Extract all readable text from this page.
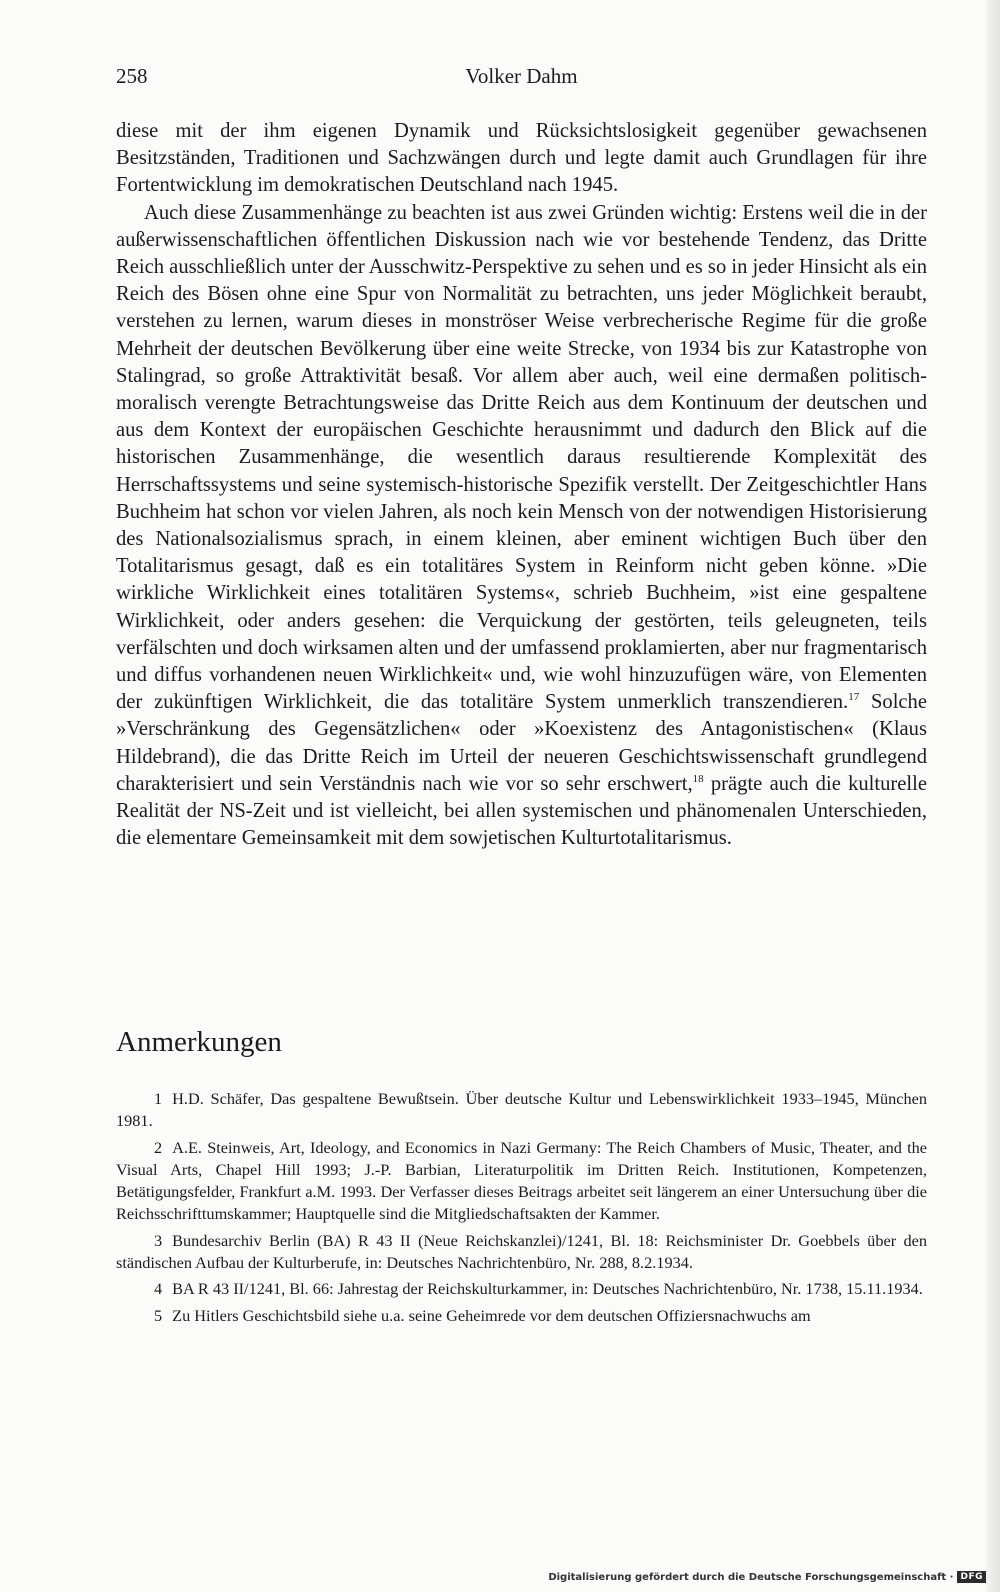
258	Volker Dahm

diese mit der ihm eigenen Dynamik und Rücksichtslosigkeit gegenüber gewachsenen Besitzständen, Traditionen und Sachzwängen durch und legte damit auch Grundlagen für ihre Fortentwicklung im demokratischen Deutschland nach 1945.

Auch diese Zusammenhänge zu beachten ist aus zwei Gründen wichtig: Erstens weil die in der außerwissenschaftlichen öffentlichen Diskussion nach wie vor bestehende Tendenz, das Dritte Reich ausschließlich unter der Ausschwitz-Perspektive zu sehen und es so in jeder Hinsicht als ein Reich des Bösen ohne eine Spur von Normalität zu betrachten, uns jeder Möglichkeit beraubt, verstehen zu lernen, warum dieses in monströser Weise verbrecherische Regime für die große Mehrheit der deutschen Bevölkerung über eine weite Strecke, von 1934 bis zur Katastrophe von Stalingrad, so große Attraktivität besaß. Vor allem aber auch, weil eine dermaßen politisch-moralisch verengte Betrachtungsweise das Dritte Reich aus dem Kontinuum der deutschen und aus dem Kontext der europäischen Geschichte herausnimmt und dadurch den Blick auf die historischen Zusammenhänge, die wesentlich daraus resultierende Komplexität des Herrschaftssystems und seine systemisch-historische Spezifik verstellt. Der Zeitgeschichtler Hans Buchheim hat schon vor vielen Jahren, als noch kein Mensch von der notwendigen Historisierung des Nationalsozialismus sprach, in einem kleinen, aber eminent wichtigen Buch über den Totalitarismus gesagt, daß es ein totalitäres System in Reinform nicht geben könne. »Die wirkliche Wirklichkeit eines totalitären Systems«, schrieb Buchheim, »ist eine gespaltene Wirklichkeit, oder anders gesehen: die Verquickung der gestörten, teils geleugneten, teils verfälschten und doch wirksamen alten und der umfassend proklamierten, aber nur fragmentarisch und diffus vorhandenen neuen Wirklichkeit« und, wie wohl hinzuzufügen wäre, von Elementen der zukünftigen Wirklichkeit, die das totalitäre System unmerklich transzendieren.$^{17}$ Solche »Verschränkung des Gegensätzlichen« oder »Koexistenz des Antagonistischen« (Klaus Hildebrand), die das Dritte Reich im Urteil der neueren Geschichtswissenschaft grundlegend charakterisiert und sein Verständnis nach wie vor so sehr erschwert,$^{18}$ prägte auch die kulturelle Realität der NS-Zeit und ist vielleicht, bei allen systemischen und phänomenalen Unterschieden, die elementare Gemeinsamkeit mit dem sowjetischen Kulturtotalitarismus.

Anmerkungen

1 H.D. Schäfer, Das gespaltene Bewußtsein. Über deutsche Kultur und Lebenswirklichkeit 1933–1945, München 1981.

2 A.E. Steinweis, Art, Ideology, and Economics in Nazi Germany: The Reich Chambers of Music, Theater, and the Visual Arts, Chapel Hill 1993; J.-P. Barbian, Literaturpolitik im Dritten Reich. Institutionen, Kompetenzen, Betätigungsfelder, Frankfurt a.M. 1993. Der Verfasser dieses Beitrags arbeitet seit längerem an einer Untersuchung über die Reichsschrifttumskammer; Hauptquelle sind die Mitgliedschaftsakten der Kammer.

3 Bundesarchiv Berlin (BA) R 43 II (Neue Reichskanzlei)/1241, Bl. 18: Reichsminister Dr. Goebbels über den ständischen Aufbau der Kulturberufe, in: Deutsches Nachrichtenbüro, Nr. 288, 8.2.1934.

4 BA R 43 II/1241, Bl. 66: Jahrestag der Reichskulturkammer, in: Deutsches Nachrichtenbüro, Nr. 1738, 15.11.1934.

5 Zu Hitlers Geschichtsbild siehe u.a. seine Geheimrede vor dem deutschen Offiziersnachwuchs am

Digitalisierung gefördert durch die Deutsche Forschungsgemeinschaft · DFG
